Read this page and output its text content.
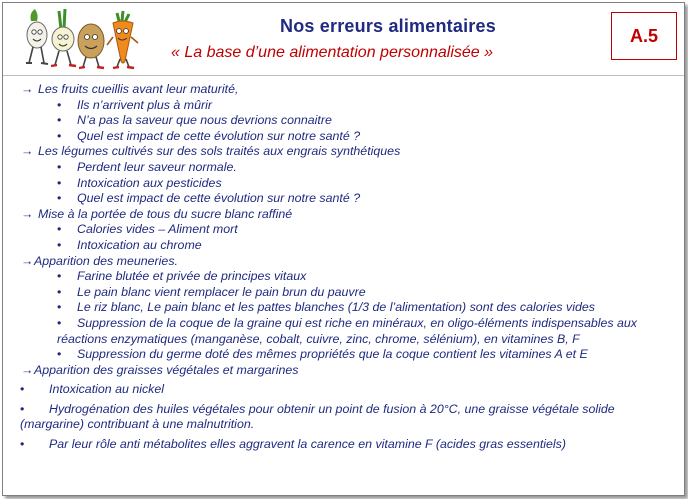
Nos erreurs alimentaires
« La base d’une alimentation personnalisée »
A.5
→ Les fruits cueillis avant leur maturité,
• Ils n’arrivent plus à mûrir
• N’a pas la saveur que nous devrions connaitre
• Quel est impact de cette évolution sur notre santé ?
→ Les légumes cultivés sur des sols traités aux engrais synthétiques
• Perdent leur saveur normale.
• Intoxication aux pesticides
• Quel est impact de cette évolution sur notre santé ?
→ Mise à la portée de tous du sucre blanc raffiné
• Calories vides – Aliment mort
• Intoxication au chrome
→ Apparition des meuneries.
• Farine blutée et privée de principes vitaux
• Le pain blanc vient remplacer le pain brun du pauvre
• Le riz blanc, Le pain blanc et les pattes blanches (1/3 de l’alimentation) sont des calories vides
•	Suppression de la coque de la graine qui est riche en minéraux, en oligo-éléments indispensables aux réactions enzymatiques (manganèse, cobalt, cuivre, zinc, chrome, sélénium), en vitamines B, F
• Suppression du germe doté des mêmes propriétés que la coque contient les vitamines A et E
→ Apparition des graisses végétales et margarines
• Intoxication au nickel
•	Hydrogénation des huiles végétales pour obtenir un point de fusion à 20°C, une graisse végétale solide (margarine) contribuant à une malnutrition.
• Par leur rôle anti métabolites elles aggravent la carence en vitamine F (acides gras essentiels)
